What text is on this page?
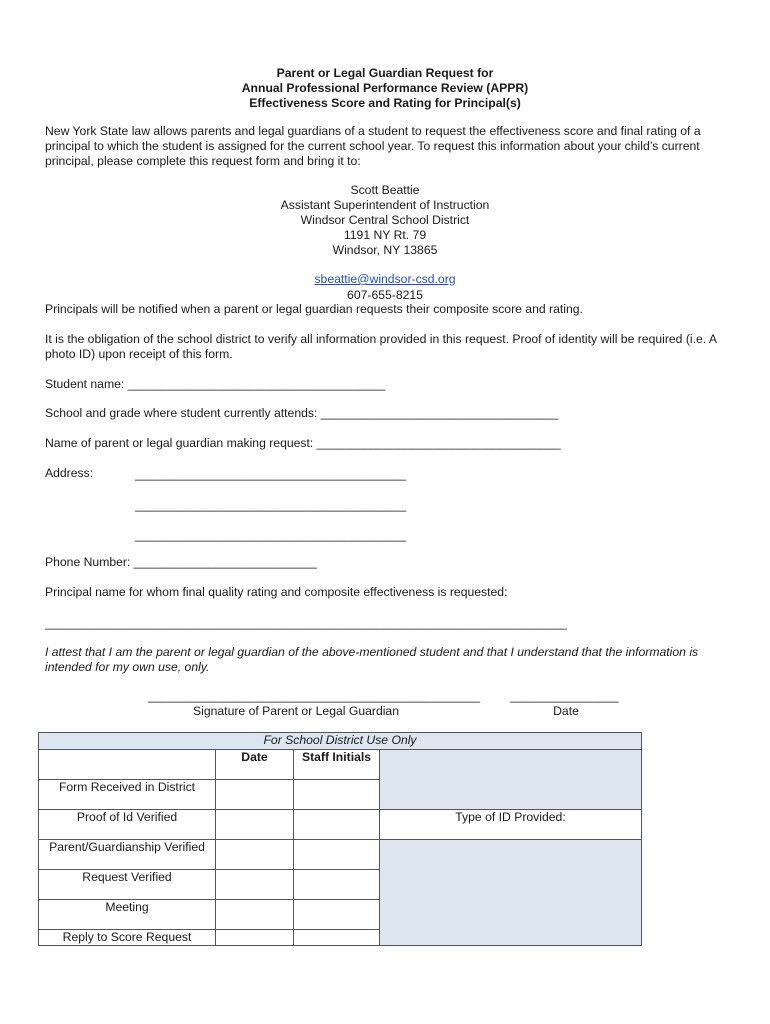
Parent or Legal Guardian Request for
Annual Professional Performance Review (APPR)
Effectiveness Score and Rating for Principal(s)
New York State law allows parents and legal guardians of a student to request the effectiveness score and final rating of a principal to which the student is assigned for the current school year. To request this information about your child’s current principal, please complete this request form and bring it to:
Scott Beattie
Assistant Superintendent of Instruction
Windsor Central School District
1191 NY Rt. 79
Windsor, NY 13865
sbeattie@windsor-csd.org
607-655-8215
Principals will be notified when a parent or legal guardian requests their composite score and rating.
It is the obligation of the school district to verify all information provided in this request. Proof of identity will be required (i.e. A photo ID) upon receipt of this form.
Student name: ______________________________________
School and grade where student currently attends: ___________________________________
Name of parent or legal guardian making request: ____________________________________
Address:	________________________________________
________________________________________
________________________________________
Phone Number: ___________________________
Principal name for whom final quality rating and composite effectiveness is requested:
_____________________________________________________________________________
I attest that I am the parent or legal guardian of the above-mentioned student and that I understand that the information is intended for my own use, only.
_________________________________________________ ________________
Signature of Parent or Legal Guardian	Date
For School District Use Only			
	Date	Staff Initials	
Form Received in District			
Proof of Id Verified			Type of ID Provided:
Parent/Guardianship Verified			
Request Verified			
Meeting			
Reply to Score Request			
